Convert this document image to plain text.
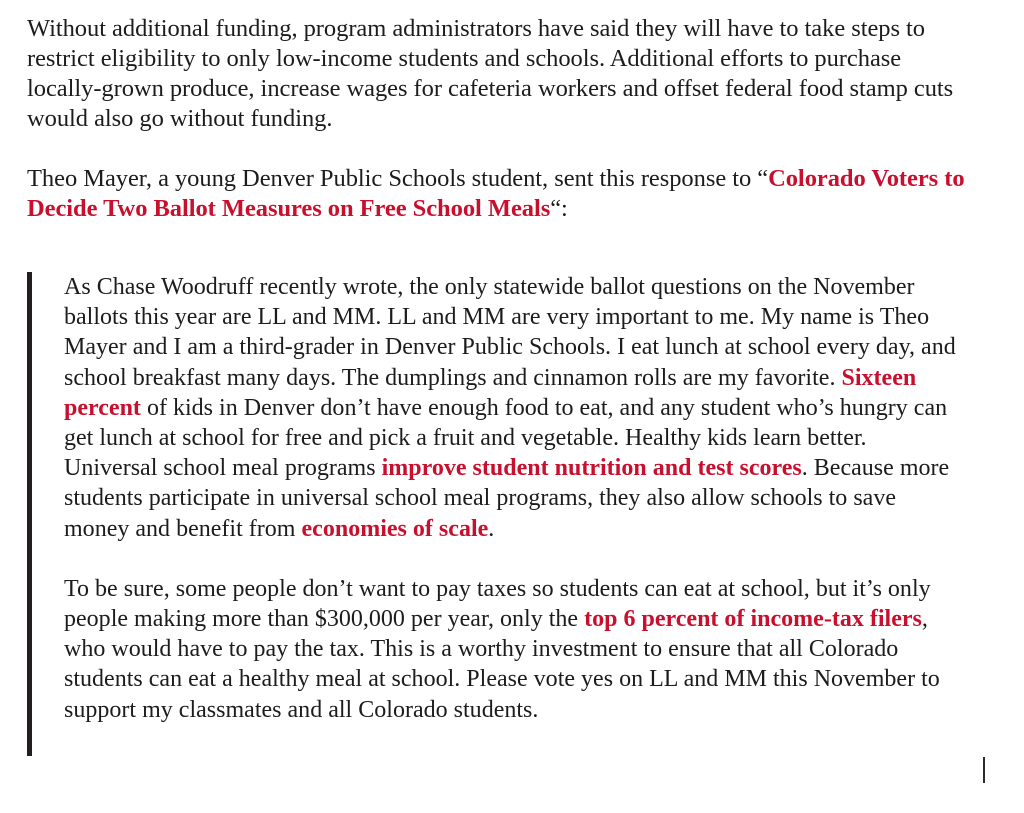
Without additional funding, program administrators have said they will have to take steps to restrict eligibility to only low-income students and schools. Additional efforts to purchase locally-grown produce, increase wages for cafeteria workers and offset federal food stamp cuts would also go without funding.

Theo Mayer, a young Denver Public Schools student, sent this response to “Colorado Voters to Decide Two Ballot Measures on Free School Meals“:

As Chase Woodruff recently wrote, the only statewide ballot questions on the November ballots this year are LL and MM. LL and MM are very important to me. My name is Theo Mayer and I am a third-grader in Denver Public Schools. I eat lunch at school every day, and school breakfast many days. The dumplings and cinnamon rolls are my favorite. Sixteen percent of kids in Denver don’t have enough food to eat, and any student who’s hungry can get lunch at school for free and pick a fruit and vegetable. Healthy kids learn better. Universal school meal programs improve student nutrition and test scores. Because more students participate in universal school meal programs, they also allow schools to save money and benefit from economies of scale.

To be sure, some people don’t want to pay taxes so students can eat at school, but it’s only people making more than $300,000 per year, only the top 6 percent of income-tax filers, who would have to pay the tax. This is a worthy investment to ensure that all Colorado students can eat a healthy meal at school. Please vote yes on LL and MM this November to support my classmates and all Colorado students.
